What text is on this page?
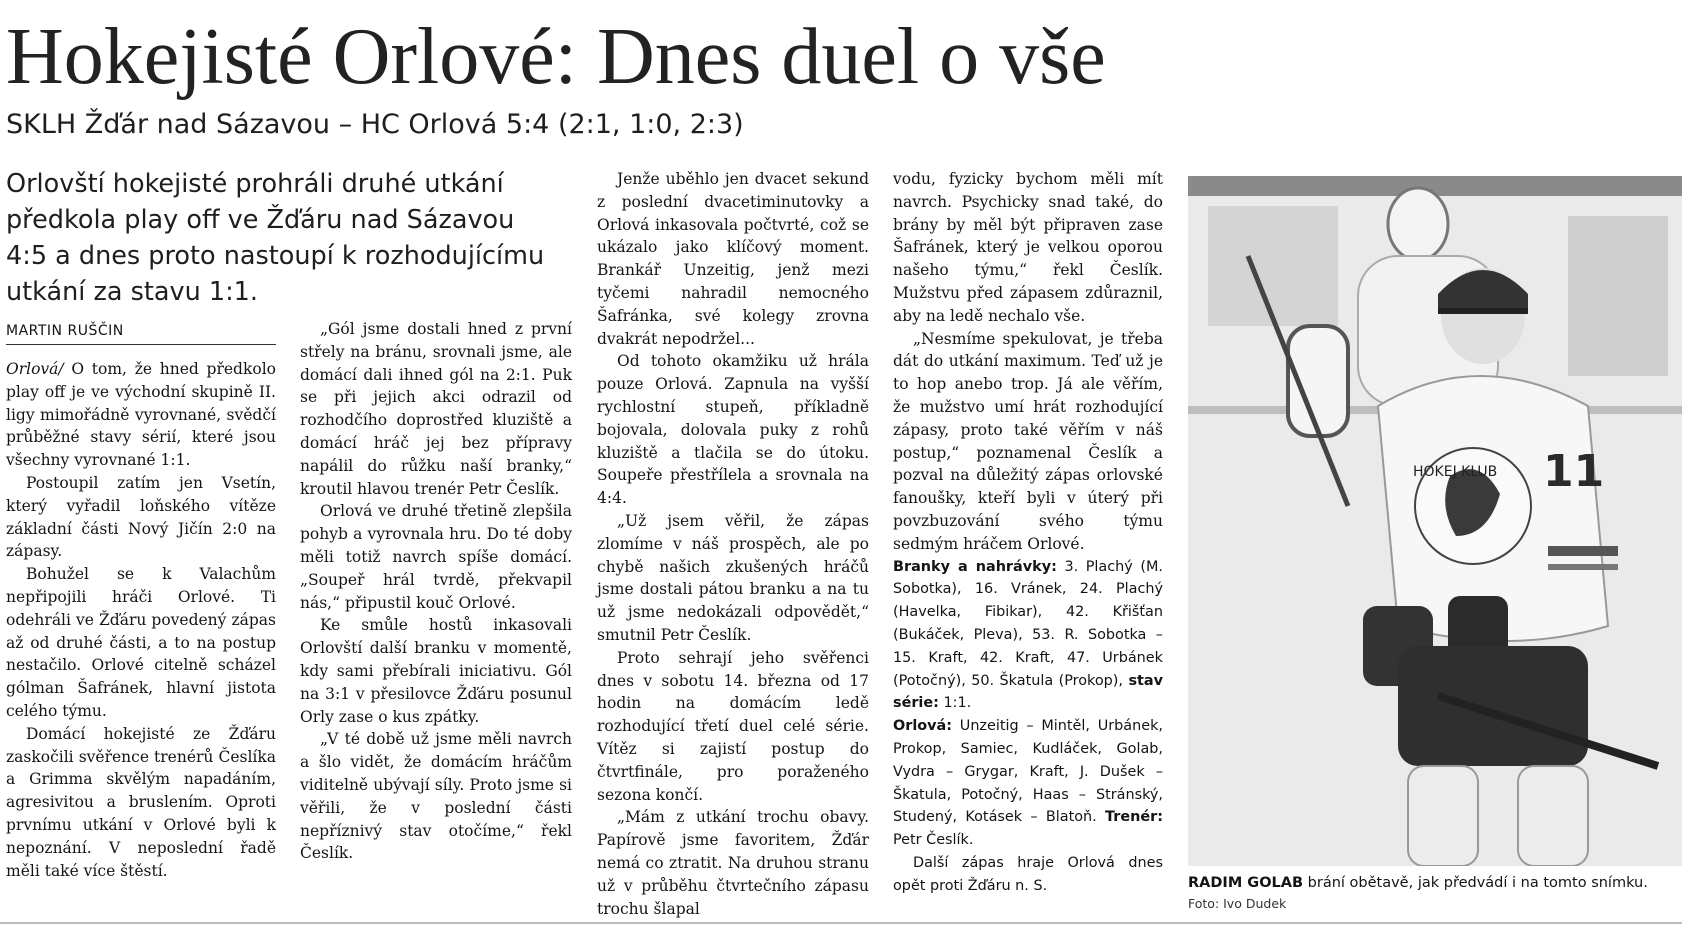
Hokejisté Orlové: Dnes duel o vše
SKLH Žďár nad Sázavou – HC Orlová 5:4 (2:1, 1:0, 2:3)
Orlovští hokejisté prohráli druhé utkání
předkola play off ve Žďáru nad Sázavou
4:5 a dnes proto nastoupí k rozhodujícímu
utkání za stavu 1:1.
MARTIN RUŠČIN

Orlová/ O tom, že hned předkolo play off je ve východní skupině II. ligy mimořádně vyrovnané, svědčí průběžné stavy sérií, které jsou všechny vyrovnané 1:1.

Postoupil zatím jen Vsetín, který vyřadil loňského vítěze základní části Nový Jičín 2:0 na zápasy.

Bohužel se k Valachům nepřipojili hráči Orlové. Ti odehráli ve Žďáru povedený zápas až od druhé části, a to na postup nestačilo. Orlové citelně scházel gólman Šafránek, hlavní jistota celého týmu.

Domácí hokejisté ze Žďáru zaskočili svěřence trenérů Česlíka a Grimma skvělým napadáním, agresivitou a bruslením. Oproti prvnímu utkání v Orlové byli k nepoznání. V neposlední řadě měli také více štěstí.

„Gól jsme dostali hned z první střely na bránu, srovnali jsme, ale domácí dali ihned gól na 2:1. Puk se při jejich akci odrazil od rozhodčího doprostřed kluziště a domácí hráč jej bez přípravy napálil do růžku naší branky,“ kroutil hlavou trenér Petr Česlík.

Orlová ve druhé třetině zlepšila pohyb a vyrovnala hru. Do té doby měli totiž navrch spíše domácí. „Soupeř hrál tvrdě, překvapil nás,“ připustil kouč Orlové.

Ke smůle hostů inkasovali Orlovští další branku v momentě, kdy sami přebírali iniciativu. Gól na 3:1 v přesilovce Žďáru posunul Orly zase o kus zpátky.

„V té době už jsme měli navrch a šlo vidět, že domácím hráčům viditelně ubývají síly. Proto jsme si věřili, že v poslední části nepříznivý stav otočíme,“ řekl Česlík.

Jenže uběhlo jen dvacet sekund z poslední dvacetiminutovky a Orlová inkasovala počtvrté, což se ukázalo jako klíčový moment. Brankář Unzeitig, jenž mezi tyčemi nahradil nemocného Šafránka, své kolegy zrovna dvakrát nepodržel...

Od tohoto okamžiku už hrála pouze Orlová. Zapnula na vyšší rychlostní stupeň, příkladně bojovala, dolovala puky z rohů kluziště a tlačila se do útoku. Soupeře přestřílela a srovnala na 4:4.

„Už jsem věřil, že zápas zlomíme v náš prospěch, ale po chybě našich zkušených hráčů jsme dostali pátou branku a na tu už jsme nedokázali odpovědět,“ smutnil Petr Česlík.

Proto sehrají jeho svěřenci dnes v sobotu 14. března od 17 hodin na domácím ledě rozhodující třetí duel celé série. Vítěz si zajistí postup do čtvrtfinále, pro poraženého sezona končí.

„Mám z utkání trochu obavy. Papírově jsme favoritem, Žďár nemá co ztratit. Na druhou stranu už v průběhu čtvrtečního zápasu trochu šlapal

vodu, fyzicky bychom měli mít navrch. Psychicky snad také, do brány by měl být připraven zase Šafránek, který je velkou oporou našeho týmu,“ řekl Česlík. Mužstvu před zápasem zdůraznil, aby na ledě nechalo vše.

„Nesmíme spekulovat, je třeba dát do utkání maximum. Teď už je to hop anebo trop. Já ale věřím, že mužstvo umí hrát rozhodující zápasy, proto také věřím v náš postup,“ poznamenal Česlík a pozval na důležitý zápas orlovské fanoušky, kteří byli v úterý při povzbuzování svého týmu sedmým hráčem Orlové.

Branky a nahrávky: 3. Plachý (M. Sobotka), 16. Vránek, 24. Plachý (Havelka, Fibikar), 42. Křišťan (Bukáček, Pleva), 53. R. Sobotka – 15. Kraft, 42. Kraft, 47. Urbánek (Potočný), 50. Škatula (Prokop), stav série: 1:1.

Orlová: Unzeitig – Mintěl, Urbánek, Prokop, Samiec, Kudláček, Golab, Vydra – Grygar, Kraft, J. Dušek – Škatula, Potočný, Haas – Stránský, Studený, Kotásek – Blatoň. Trenér: Petr Česlík.

Další zápas hraje Orlová dnes opět proti Žďáru n. S.

HOKEJ KLUB 11
RADIM GOLAB brání obětavě, jak předvádí i na tomto snímku.
Foto: Ivo Dudek
